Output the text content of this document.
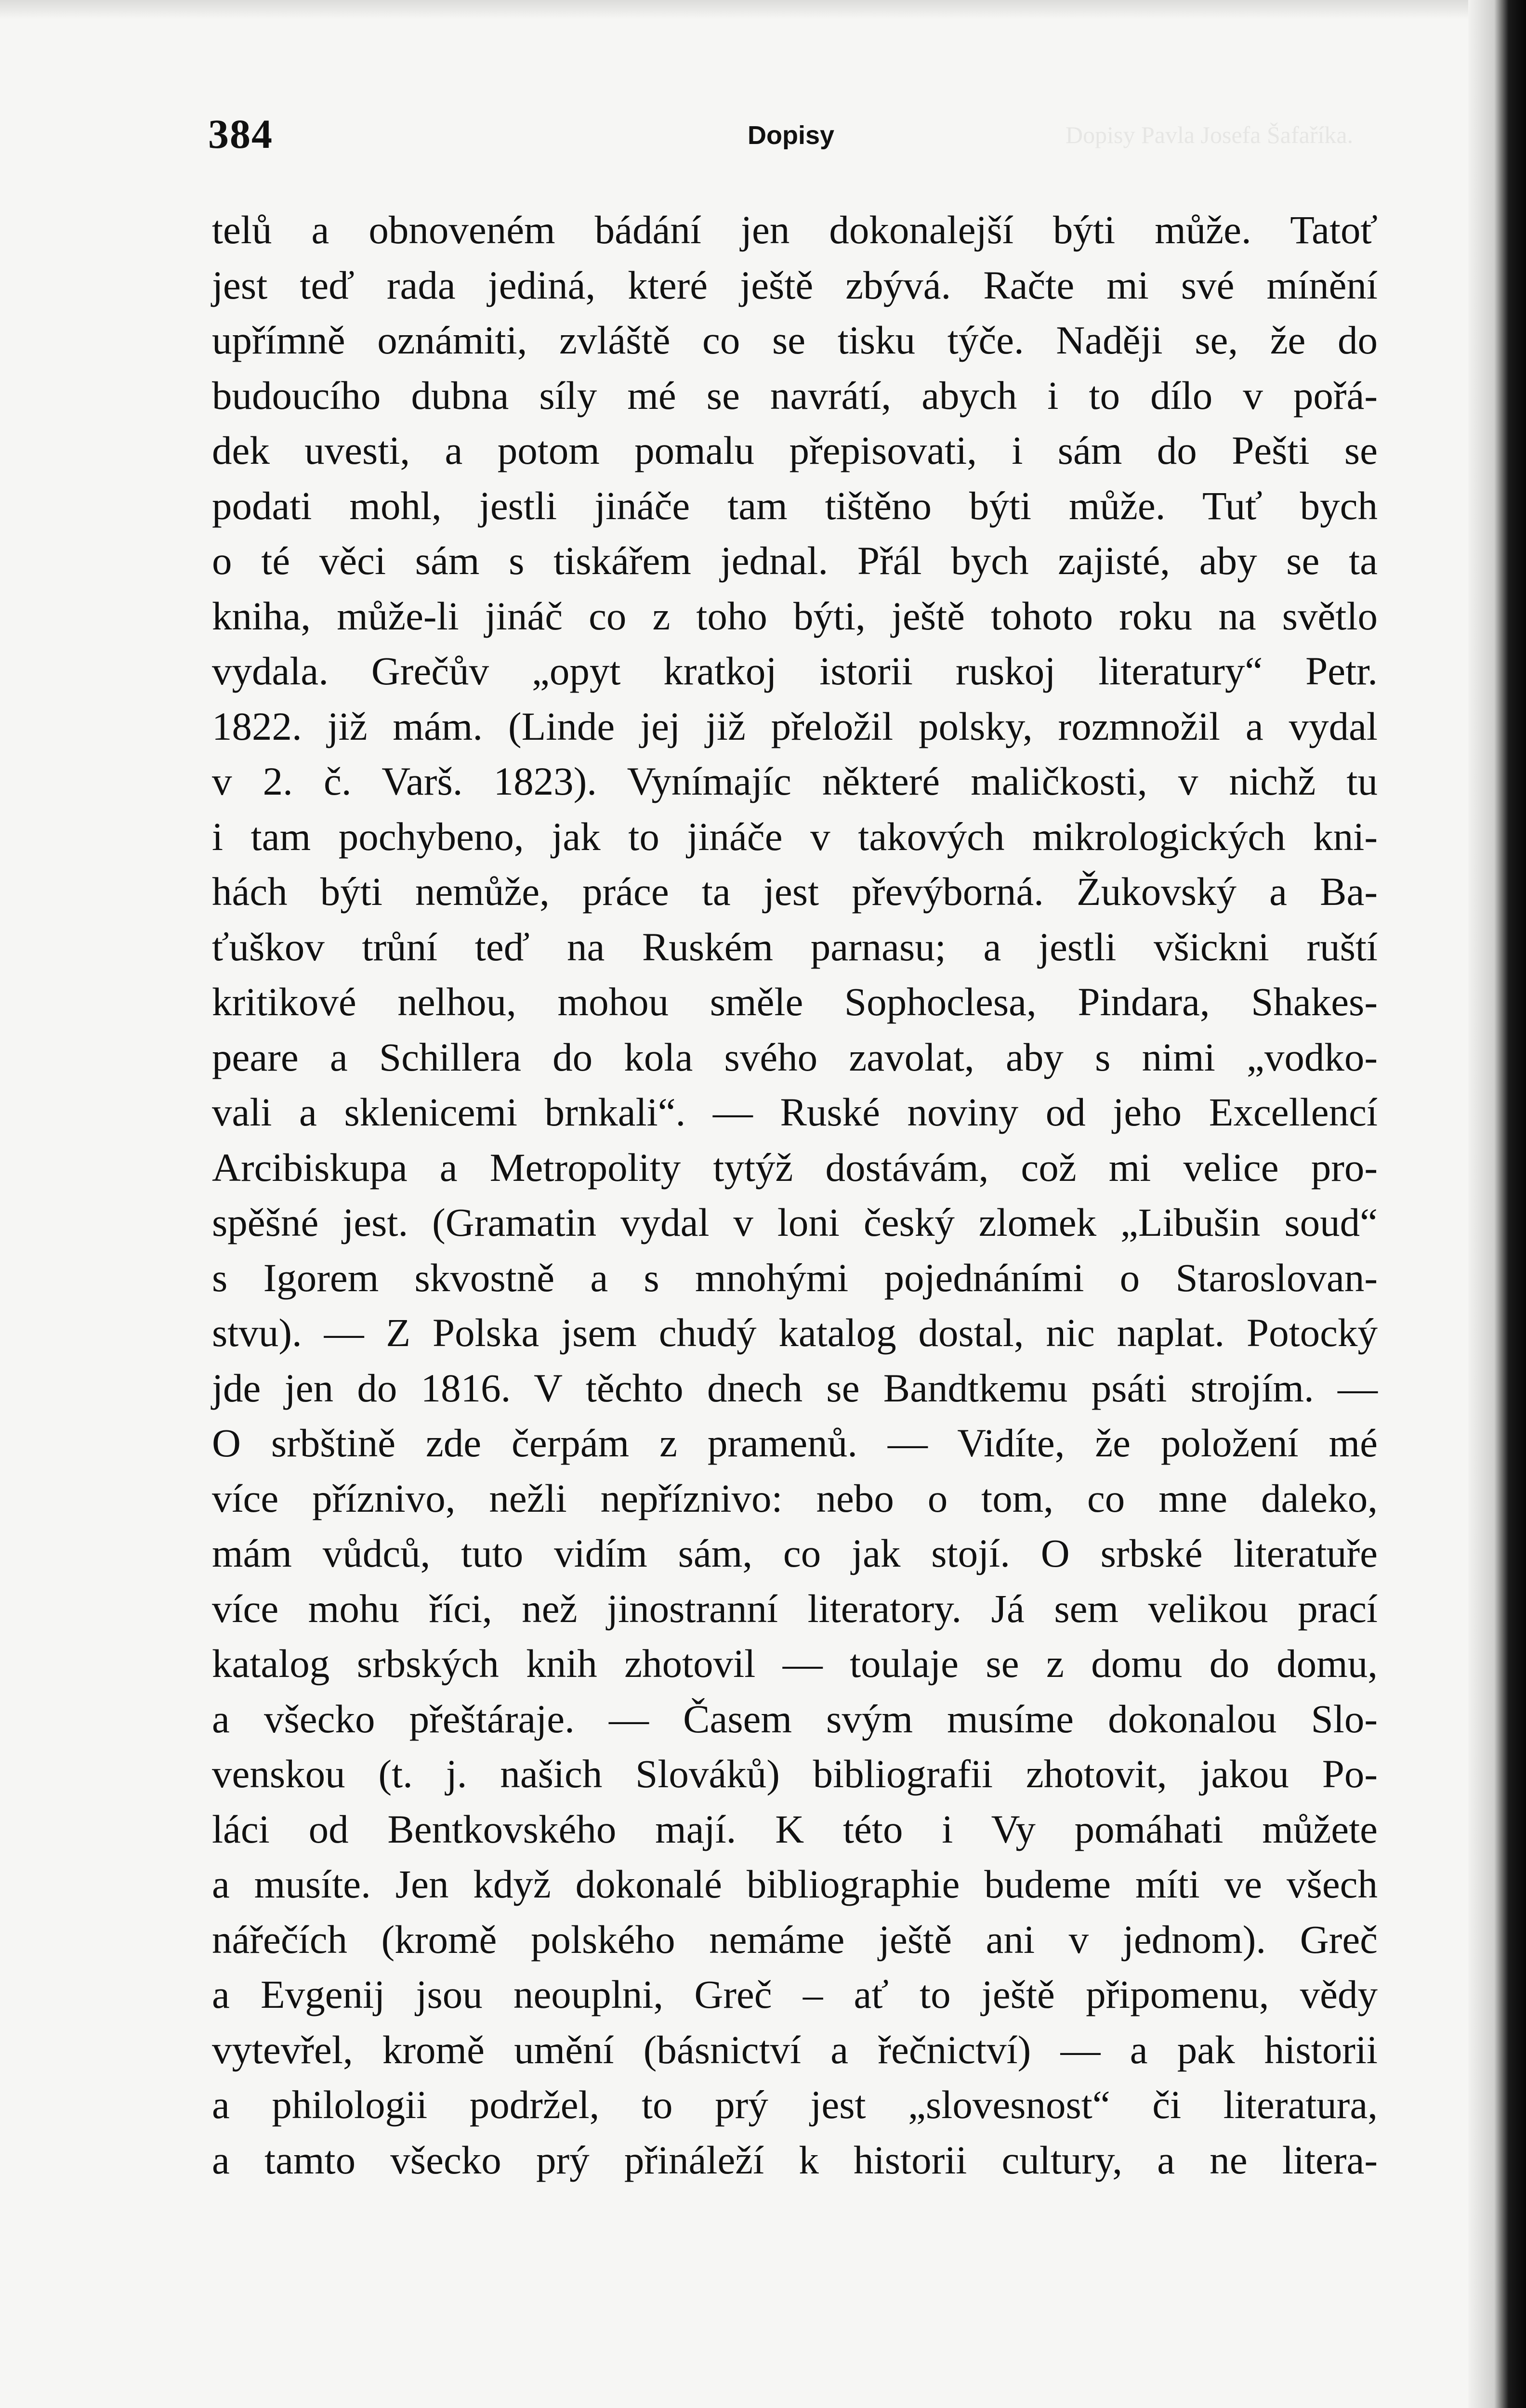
384	Dopisy	Dopisy Pavla Josefa Šafaříka.
telů a obnoveném bádání jen dokonalejší býti může. Tatoť
jest teď rada jediná, které ještě zbývá. Račte mi své mínění
upřímně oznámiti, zvláště co se tisku týče. Naději se, že do
budoucího dubna síly mé se navrátí, abych i to dílo v pořá-
dek uvesti, a potom pomalu přepisovati, i sám do Pešti se
podati mohl, jestli jináče tam tištěno býti může. Tuť bych
o té věci sám s tiskářem jednal. Přál bych zajisté, aby se ta
kniha, může-li jináč co z toho býti, ještě tohoto roku na světlo
vydala. Grečův „opyt kratkoj istorii ruskoj literatury“ Petr.
1822. již mám. (Linde jej již přeložil polsky, rozmnožil a vydal
v 2. č. Varš. 1823). Vynímajíc některé maličkosti, v nichž tu
i tam pochybeno, jak to jináče v takových mikrologických kni-
hách býti nemůže, práce ta jest převýborná. Žukovský a Ba-
ťuškov trůní teď na Ruském parnasu; a jestli všickni ruští
kritikové nelhou, mohou směle Sophoclesa, Pindara, Shakes-
peare a Schillera do kola svého zavolat, aby s nimi „vodko-
vali a sklenicemi brnkali“. — Ruské noviny od jeho Excellencí
Arcibiskupa a Metropolity tytýž dostávám, což mi velice pro-
spěšné jest. (Gramatin vydal v loni český zlomek „Libušin soud“
s Igorem skvostně a s mnohými pojednáními o Staroslovan-
stvu). — Z Polska jsem chudý katalog dostal, nic naplat. Potocký
jde jen do 1816. V těchto dnech se Bandtkemu psáti strojím. —
O srbštině zde čerpám z pramenů. — Vidíte, že položení mé
více příznivo, nežli nepříznivo: nebo o tom, co mne daleko,
mám vůdců, tuto vidím sám, co jak stojí. O srbské literatuře
více mohu říci, než jinostranní literatory. Já sem velikou prací
katalog srbských knih zhotovil — toulaje se z domu do domu,
a všecko přeštáraje. — Časem svým musíme dokonalou Slo-
venskou (t. j. našich Slováků) bibliografii zhotovit, jakou Po-
láci od Bentkovského mají. K této i Vy pomáhati můžete
a musíte. Jen když dokonalé bibliographie budeme míti ve všech
nářečích (kromě polského nemáme ještě ani v jednom). Greč
a Evgenij jsou neouplni, Greč – ať to ještě připomenu, vědy
vytevřel, kromě umění (básnictví a řečnictví) — a pak historii
a philologii podržel, to prý jest „slovesnost“ či literatura,
a tamto všecko prý přináleží k historii cultury, a ne litera-
